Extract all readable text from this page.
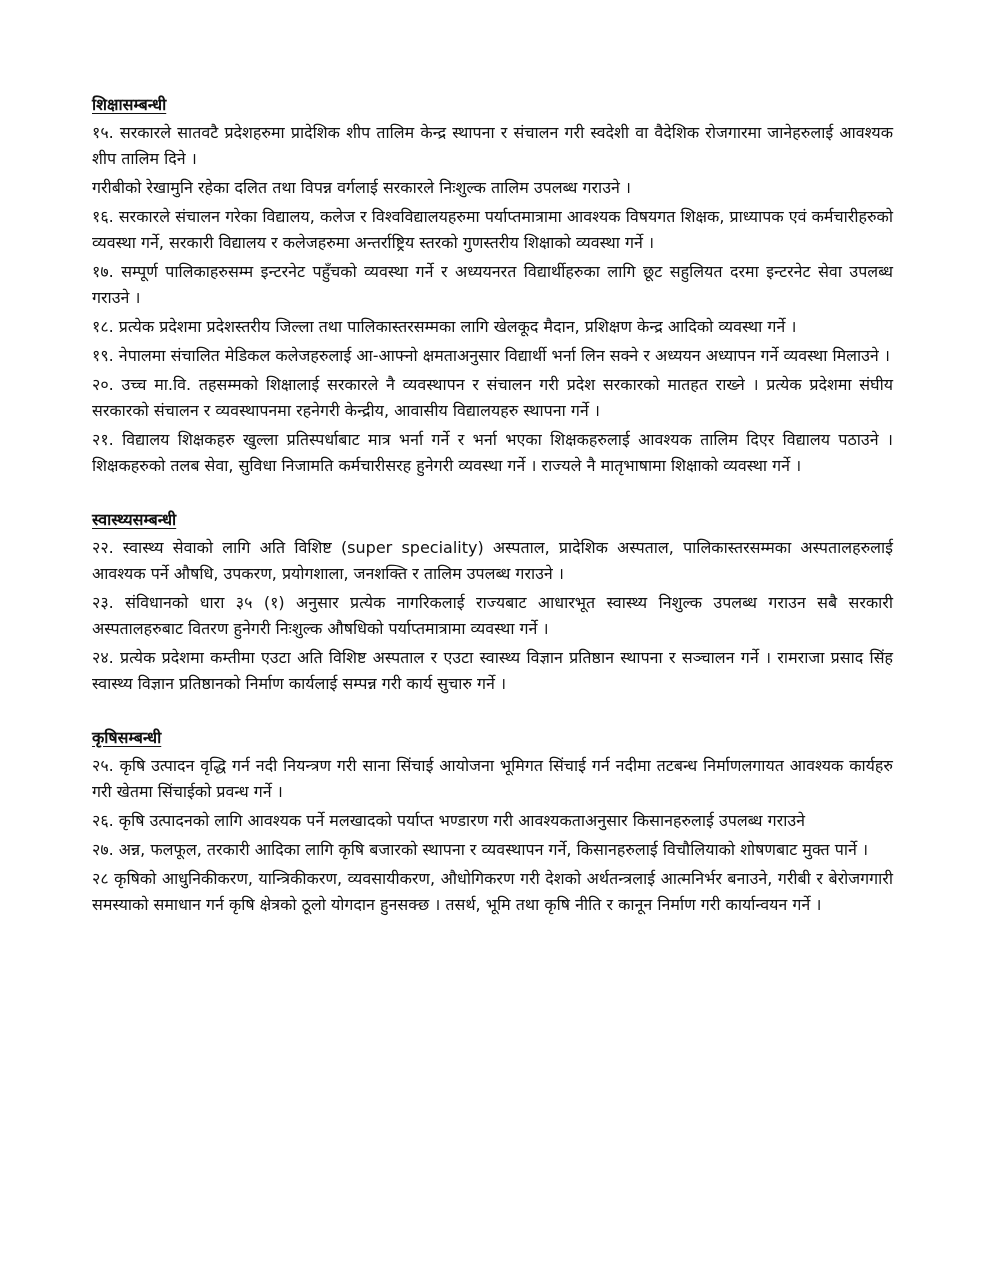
शिक्षासम्बन्धी
१५. सरकारले सातवटै प्रदेशहरुमा प्रादेशिक शीप तालिम केन्द्र स्थापना र संचालन गरी स्वदेशी वा वैदेशिक रोजगारमा जानेहरुलाई आवश्यक शीप तालिम दिने ।
गरीबीको रेखामुनि रहेका दलित तथा विपन्न वर्गलाई सरकारले निःशुल्क तालिम उपलब्ध गराउने ।
१६. सरकारले संचालन गरेका विद्यालय, कलेज र विश्वविद्यालयहरुमा पर्याप्तमात्रामा आवश्यक विषयगत शिक्षक, प्राध्यापक एवं कर्मचारीहरुको व्यवस्था गर्ने, सरकारी विद्यालय र कलेजहरुमा अन्तर्राष्ट्रिय स्तरको गुणस्तरीय शिक्षाको व्यवस्था गर्ने ।
१७. सम्पूर्ण पालिकाहरुसम्म इन्टरनेट पहुँचको व्यवस्था गर्ने र अध्ययनरत विद्यार्थीहरुका लागि छूट सहुलियत दरमा इन्टरनेट सेवा उपलब्ध गराउने ।
१८. प्रत्येक प्रदेशमा प्रदेशस्तरीय जिल्ला तथा पालिकास्तरसम्मका लागि खेलकूद मैदान, प्रशिक्षण केन्द्र आदिको व्यवस्था गर्ने ।
१९. नेपालमा संचालित मेडिकल कलेजहरुलाई आ-आफ्नो क्षमताअनुसार विद्यार्थी भर्ना लिन सक्ने र अध्ययन अध्यापन गर्ने व्यवस्था मिलाउने ।
२०. उच्च मा.वि. तहसम्मको शिक्षालाई सरकारले नै व्यवस्थापन र संचालन गरी प्रदेश सरकारको मातहत राख्ने । प्रत्येक प्रदेशमा संघीय सरकारको संचालन र व्यवस्थापनमा रहनेगरी केन्द्रीय, आवासीय विद्यालयहरु स्थापना गर्ने ।
२१. विद्यालय शिक्षकहरु खुल्ला प्रतिस्पर्धाबाट मात्र भर्ना गर्ने र भर्ना भएका शिक्षकहरुलाई आवश्यक तालिम दिएर विद्यालय पठाउने । शिक्षकहरुको तलब सेवा, सुविधा निजामति कर्मचारीसरह हुनेगरी व्यवस्था गर्ने । राज्यले नै मातृभाषामा शिक्षाको व्यवस्था गर्ने ।
स्वास्थ्यसम्बन्धी
२२. स्वास्थ्य सेवाको लागि अति विशिष्ट (super speciality) अस्पताल, प्रादेशिक अस्पताल, पालिकास्तरसम्मका अस्पतालहरुलाई आवश्यक पर्ने औषधि, उपकरण, प्रयोगशाला, जनशक्ति र तालिम उपलब्ध गराउने ।
२३. संविधानको धारा ३५ (१) अनुसार प्रत्येक नागरिकलाई राज्यबाट आधारभूत स्वास्थ्य निशुल्क उपलब्ध गराउन सबै सरकारी अस्पतालहरुबाट वितरण हुनेगरी निःशुल्क औषधिको पर्याप्तमात्रामा व्यवस्था गर्ने ।
२४. प्रत्येक प्रदेशमा कम्तीमा एउटा अति विशिष्ट अस्पताल र एउटा स्वास्थ्य विज्ञान प्रतिष्ठान स्थापना र सञ्चालन गर्ने । रामराजा प्रसाद सिंह स्वास्थ्य विज्ञान प्रतिष्ठानको निर्माण कार्यलाई सम्पन्न गरी कार्य सुचारु गर्ने ।
कृषिसम्बन्धी
२५. कृषि उत्पादन वृद्धि गर्न नदी नियन्त्रण गरी साना सिंचाई आयोजना भूमिगत सिंचाई गर्न नदीमा तटबन्ध निर्माणलगायत आवश्यक कार्यहरु गरी खेतमा सिंचाईको प्रवन्ध गर्ने ।
२६. कृषि उत्पादनको लागि आवश्यक पर्ने मलखादको पर्याप्त भण्डारण गरी आवश्यकताअनुसार किसानहरुलाई उपलब्ध गराउने
२७. अन्न, फलफूल, तरकारी आदिका लागि कृषि बजारको स्थापना र व्यवस्थापन गर्ने, किसानहरुलाई विचौलियाको शोषणबाट मुक्त पार्ने ।
२८ कृषिको आधुनिकीकरण, यान्त्रिकीकरण, व्यवसायीकरण, औधोगिकरण गरी देशको अर्थतन्त्रलाई आत्मनिर्भर बनाउने, गरीबी र बेरोजगगारी समस्याको समाधान गर्न कृषि क्षेत्रको ठूलो योगदान हुनसक्छ । तसर्थ, भूमि तथा कृषि नीति र कानून निर्माण गरी कार्यान्वयन गर्ने ।
